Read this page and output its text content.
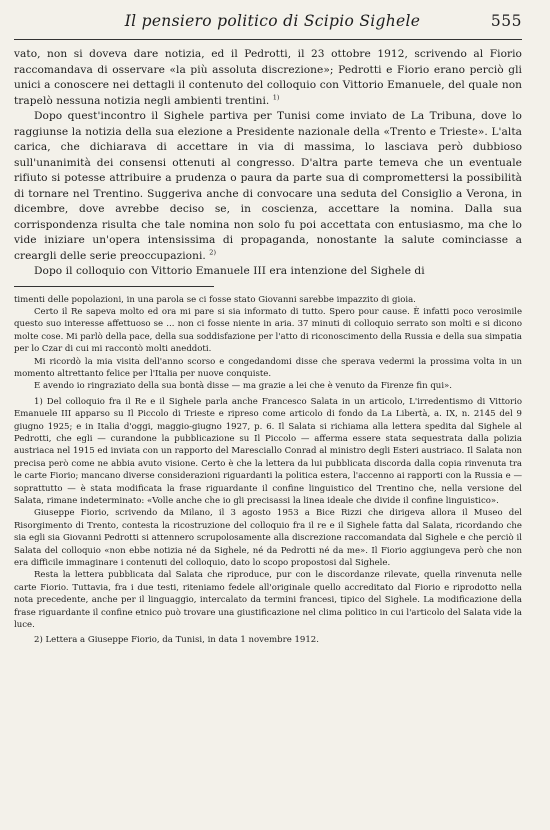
Il pensiero politico di Scipio Sighele	555

vato, non si doveva dare notizia, ed il Pedrotti, il 23 ottobre 1912, scrivendo al Fiorio raccomandava di osservare «la più assoluta discrezione»; Pedrotti e Fiorio erano perciò gli unici a conoscere nei dettagli il contenuto del colloquio con Vittorio Emanuele, del quale non trapelò nessuna notizia negli ambienti trentini. $^{1)}$

Dopo quest'incontro il Sighele partiva per Tunisi come inviato de La Tribuna, dove lo raggiunse la notizia della sua elezione a Presidente nazionale della «Trento e Trieste». L'alta carica, che dichiarava di accettare in via di massima, lo lasciava però dubbioso sull'unanimità dei consensi ottenuti al congresso. D'altra parte temeva che un eventuale rifiuto si potesse attribuire a prudenza o paura da parte sua di compromettersi la possibilità di tornare nel Trentino. Suggeriva anche di convocare una seduta del Consiglio a Verona, in dicembre, dove avrebbe deciso se, in coscienza, accettare la nomina. Dalla sua corrispondenza risulta che tale nomina non solo fu poi accettata con entusiasmo, ma che lo vide iniziare un'opera intensissima di propaganda, nonostante la salute cominciasse a creargli delle serie preoccupazioni. $^{2)}$

Dopo il colloquio con Vittorio Emanuele III era intenzione del Sighele di

timenti delle popolazioni, in una parola se ci fosse stato Giovanni sarebbe impazzito di gioia.

Certo il Re sapeva molto ed ora mi pare si sia informato di tutto. Spero pour cause. È infatti poco verosimile questo suo interesse affettuoso se ... non ci fosse niente in aria. 37 minuti di colloquio serrato son molti e si dicono molte cose. Mi parlò della pace, della sua soddisfazione per l'atto di riconoscimento della Russia e della sua simpatia per lo Czar di cui mi raccontò molti aneddoti.

Mi ricordò la mia visita dell'anno scorso e congedandomi disse che sperava vedermi la prossima volta in un momento altrettanto felice per l'Italia per nuove conquiste.

E avendo io ringraziato della sua bontà disse — ma grazie a lei che è venuto da Firenze fin qui».

1) Del colloquio fra il Re e il Sighele parla anche Francesco Salata in un articolo, L'irredentismo di Vittorio Emanuele III apparso su Il Piccolo di Trieste e ripreso come articolo di fondo da La Libertà, a. IX, n. 2145 del 9 giugno 1925; e in Italia d'oggi, maggio-giugno 1927, p. 6. Il Salata si richiama alla lettera spedita dal Sighele al Pedrotti, che egli — curandone la pubblicazione su Il Piccolo — afferma essere stata sequestrata dalla polizia austriaca nel 1915 ed inviata con un rapporto del Maresciallo Conrad al ministro degli Esteri austriaco. Il Salata non precisa però come ne abbia avuto visione. Certo è che la lettera da lui pubblicata discorda dalla copia rinvenuta tra le carte Fiorio; mancano diverse considerazioni riguardanti la politica estera, l'accenno ai rapporti con la Russia e — soprattutto — è stata modificata la frase riguardante il confine linguistico del Trentino che, nella versione del Salata, rimane indeterminato: «Volle anche che io gli precisassi la linea ideale che divide il confine linguistico».

Giuseppe Fiorio, scrivendo da Milano, il 3 agosto 1953 a Bice Rizzi che dirigeva allora il Museo del Risorgimento di Trento, contesta la ricostruzione del colloquio fra il re e il Sighele fatta dal Salata, ricordando che sia egli sia Giovanni Pedrotti si attennero scrupolosamente alla discrezione raccomandata dal Sighele e che perciò il Salata del colloquio «non ebbe notizia né da Sighele, né da Pedrotti né da me». Il Fiorio aggiungeva però che non era difficile immaginare i contenuti del colloquio, dato lo scopo propostosi dal Sighele.

Resta la lettera pubblicata dal Salata che riproduce, pur con le discordanze rilevate, quella rinvenuta nelle carte Fiorio. Tuttavia, fra i due testi, riteniamo fedele all'originale quello accreditato dal Fiorio e riprodotto nella nota precedente, anche per il linguaggio, intercalato da termini francesi, tipico del Sighele. La modificazione della frase riguardante il confine etnico può trovare una giustificazione nel clima politico in cui l'articolo del Salata vide la luce.

2) Lettera a Giuseppe Fiorio, da Tunisi, in data 1 novembre 1912.
